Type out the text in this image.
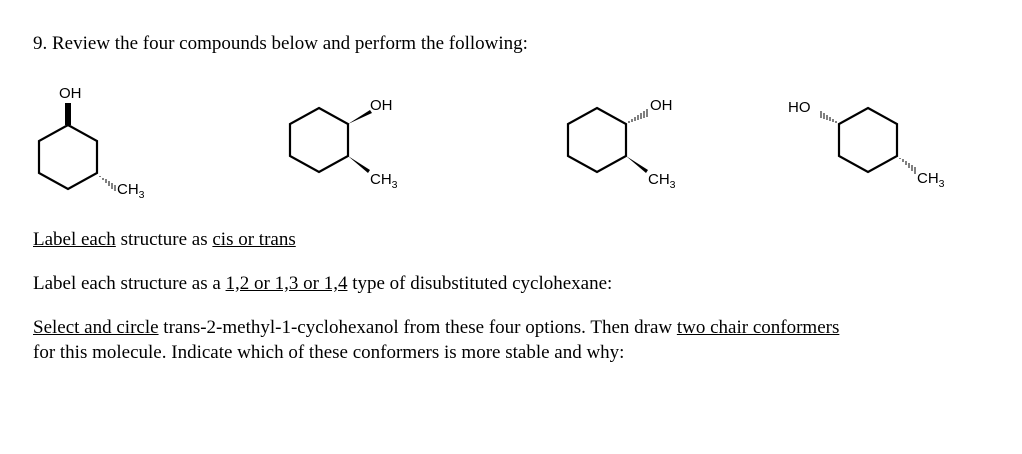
9. Review the four compounds below and perform the following:
OH
$CH_3$
OH
$CH_3$
OH
$CH_3$
HO
$CH_3$
Label each structure as cis or trans
Label each structure as a 1,2 or 1,3 or 1,4 type of disubstituted cyclohexane:
Select and circle trans-2-methyl-1-cyclohexanol from these four options. Then draw two chair conformers
for this molecule. Indicate which of these conformers is more stable and why:
